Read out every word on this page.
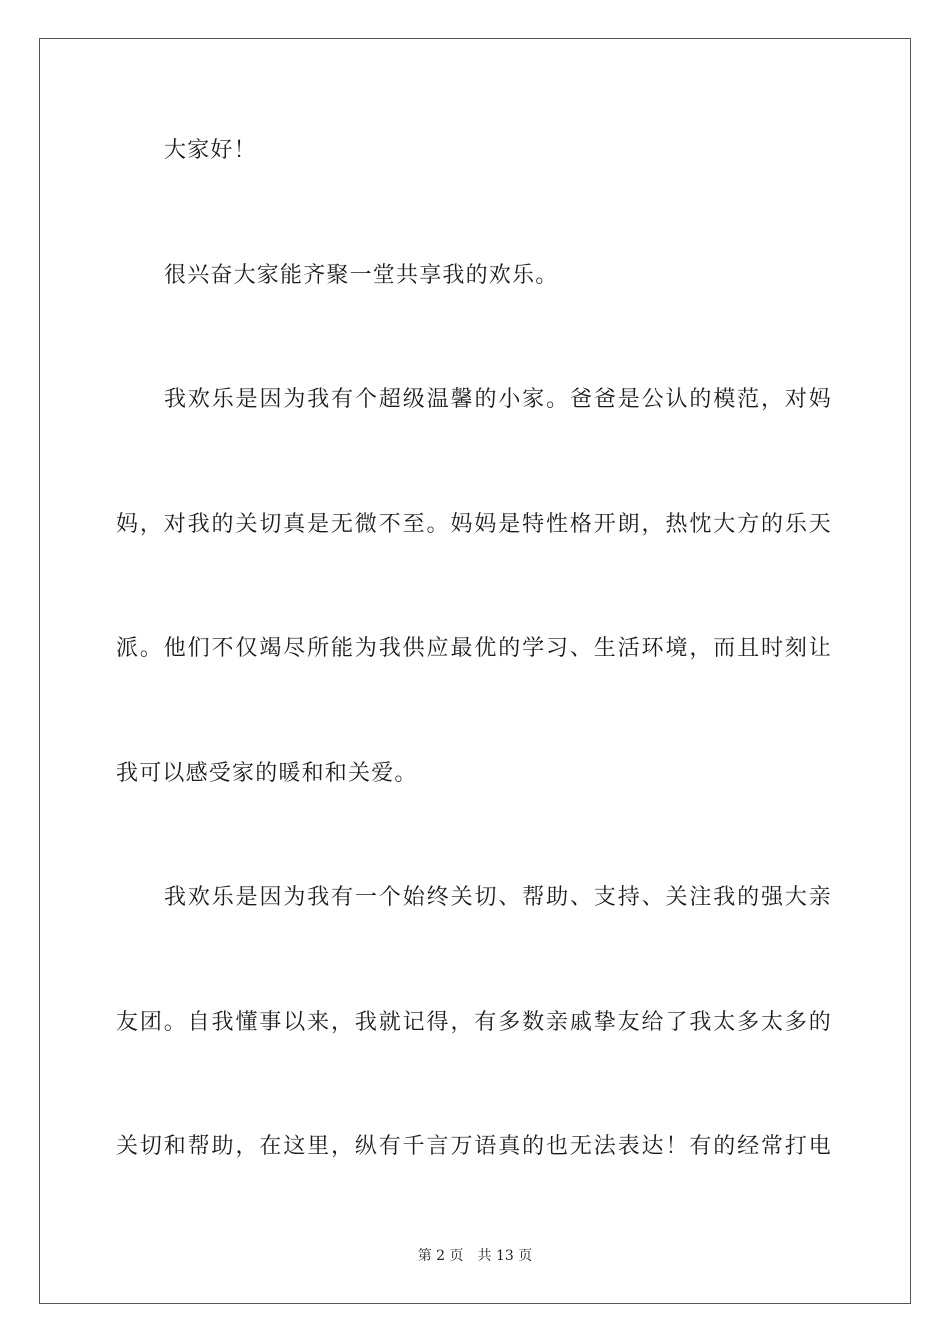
大家好！
很兴奋大家能齐聚一堂共享我的欢乐。
我欢乐是因为我有个超级温馨的小家。爸爸是公认的模范，对妈
妈，对我的关切真是无微不至。妈妈是特性格开朗，热忱大方的乐天
派。他们不仅竭尽所能为我供应最优的学习、生活环境，而且时刻让
我可以感受家的暖和和关爱。
我欢乐是因为我有一个始终关切、帮助、支持、关注我的强大亲
友团。自我懂事以来，我就记得，有多数亲戚挚友给了我太多太多的
关切和帮助，在这里，纵有千言万语真的也无法表达！有的经常打电
第 2 页 共 13 页
